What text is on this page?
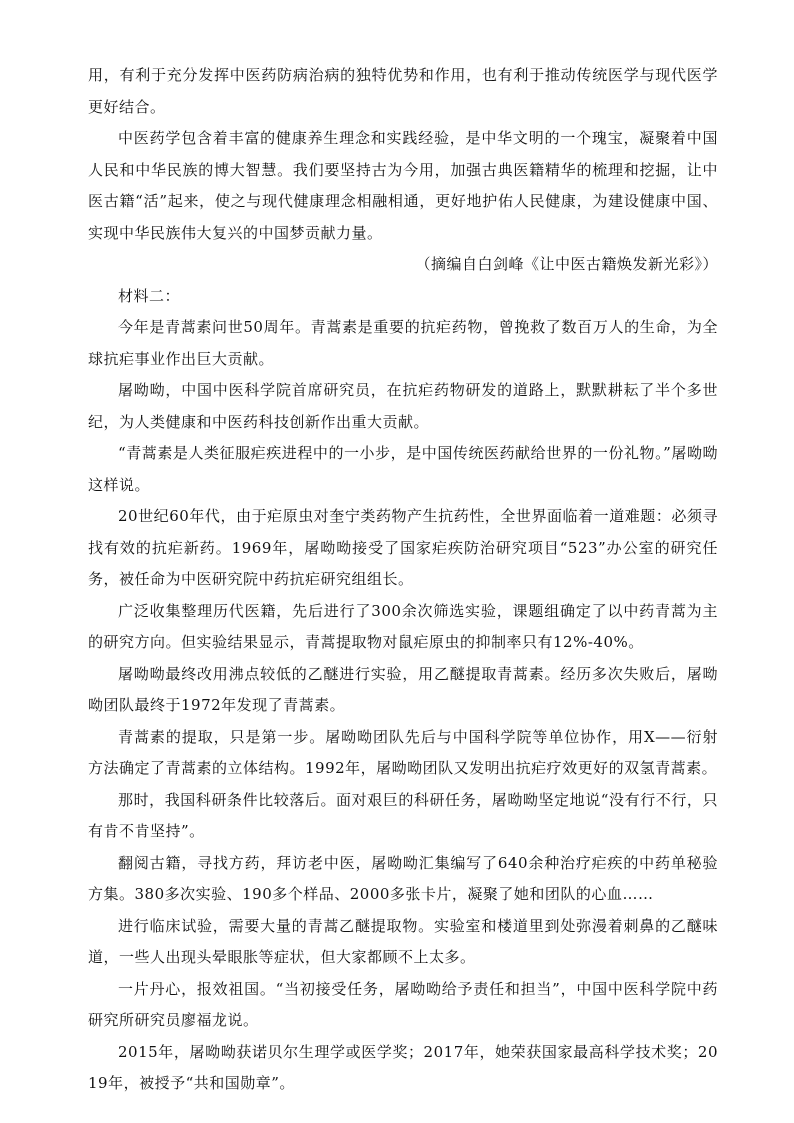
用，有利于充分发挥中医药防病治病的独特优势和作用，也有利于推动传统医学与现代医学更好结合。

中医药学包含着丰富的健康养生理念和实践经验，是中华文明的一个瑰宝，凝聚着中国人民和中华民族的博大智慧。我们要坚持古为今用，加强古典医籍精华的梳理和挖掘，让中医古籍“活”起来，使之与现代健康理念相融相通，更好地护佑人民健康，为建设健康中国、实现中华民族伟大复兴的中国梦贡献力量。

（摘编自白剑峰《让中医古籍焕发新光彩》）

材料二：

今年是青蒿素问世50周年。青蒿素是重要的抗疟药物，曾挽救了数百万人的生命，为全球抗疟事业作出巨大贡献。

屠呦呦，中国中医科学院首席研究员，在抗疟药物研发的道路上，默默耕耘了半个多世纪，为人类健康和中医药科技创新作出重大贡献。

“青蒿素是人类征服疟疾进程中的一小步，是中国传统医药献给世界的一份礼物。”屠呦呦这样说。

20世纪60年代，由于疟原虫对奎宁类药物产生抗药性，全世界面临着一道难题：必须寻找有效的抗疟新药。1969年，屠呦呦接受了国家疟疾防治研究项目“523”办公室的研究任务，被任命为中医研究院中药抗疟研究组组长。

广泛收集整理历代医籍，先后进行了300余次筛选实验，课题组确定了以中药青蒿为主的研究方向。但实验结果显示，青蒿提取物对鼠疟原虫的抑制率只有12%-40%。

屠呦呦最终改用沸点较低的乙醚进行实验，用乙醚提取青蒿素。经历多次失败后，屠呦呦团队最终于1972年发现了青蒿素。

青蒿素的提取，只是第一步。屠呦呦团队先后与中国科学院等单位协作，用X——衍射方法确定了青蒿素的立体结构。1992年，屠呦呦团队又发明出抗疟疗效更好的双氢青蒿素。

那时，我国科研条件比较落后。面对艰巨的科研任务，屠呦呦坚定地说“没有行不行，只有肯不肯坚持”。

翻阅古籍，寻找方药，拜访老中医，屠呦呦汇集编写了640余种治疗疟疾的中药单秘验方集。380多次实验、190多个样品、2000多张卡片，凝聚了她和团队的心血……

进行临床试验，需要大量的青蒿乙醚提取物。实验室和楼道里到处弥漫着刺鼻的乙醚味道，一些人出现头晕眼胀等症状，但大家都顾不上太多。

一片丹心，报效祖国。“当初接受任务，屠呦呦给予责任和担当”，中国中医科学院中药研究所研究员廖福龙说。

2015年，屠呦呦获诺贝尔生理学或医学奖；2017年，她荣获国家最高科学技术奖；2019年，被授予“共和国勋章”。
